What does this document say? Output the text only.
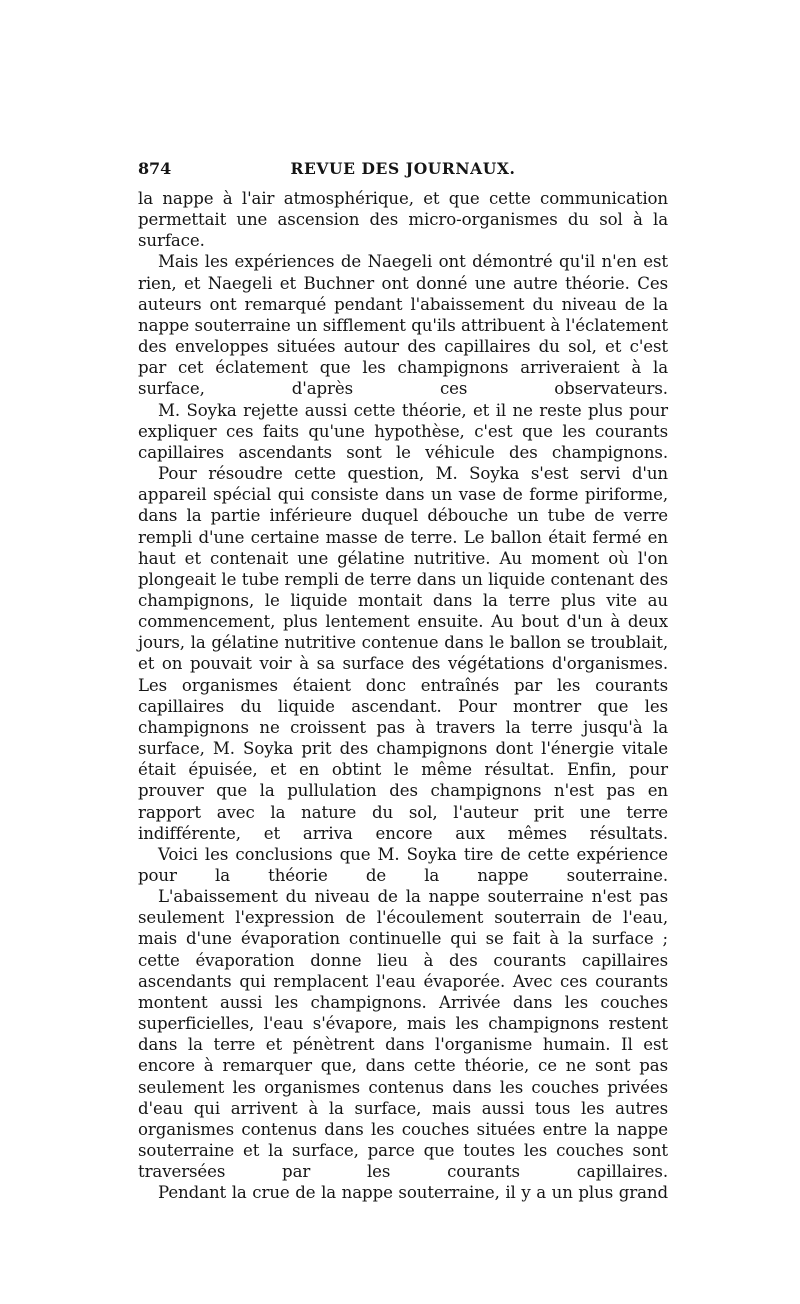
874	REVUE DES JOURNAUX.

la nappe à l'air atmosphérique, et que cette communication permettait une ascension des micro-organismes du sol à la surface.

Mais les expériences de Naegeli ont démontré qu'il n'en est rien, et Naegeli et Buchner ont donné une autre théorie. Ces auteurs ont remarqué pendant l'abaissement du niveau de la nappe souterraine un sifflement qu'ils attribuent à l'éclatement des enveloppes situées autour des capillaires du sol, et c'est par cet éclatement que les champignons arriveraient à la surface, d'après ces observateurs.

M. Soyka rejette aussi cette théorie, et il ne reste plus pour expliquer ces faits qu'une hypothèse, c'est que les courants capillaires ascendants sont le véhicule des champignons.

Pour résoudre cette question, M. Soyka s'est servi d'un appareil spécial qui consiste dans un vase de forme piriforme, dans la partie inférieure duquel débouche un tube de verre rempli d'une certaine masse de terre. Le ballon était fermé en haut et contenait une gélatine nutritive. Au moment où l'on plongeait le tube rempli de terre dans un liquide contenant des champignons, le liquide montait dans la terre plus vite au commencement, plus lentement ensuite. Au bout d'un à deux jours, la gélatine nutritive contenue dans le ballon se troublait, et on pouvait voir à sa surface des végétations d'organismes. Les organismes étaient donc entraînés par les courants capillaires du liquide ascendant. Pour montrer que les champignons ne croissent pas à travers la terre jusqu'à la surface, M. Soyka prit des champignons dont l'énergie vitale était épuisée, et en obtint le même résultat. Enfin, pour prouver que la pullulation des champignons n'est pas en rapport avec la nature du sol, l'auteur prit une terre indifférente, et arriva encore aux mêmes résultats.

Voici les conclusions que M. Soyka tire de cette expérience pour la théorie de la nappe souterraine.

L'abaissement du niveau de la nappe souterraine n'est pas seulement l'expression de l'écoulement souterrain de l'eau, mais d'une évaporation continuelle qui se fait à la surface ; cette évaporation donne lieu à des courants capillaires ascendants qui remplacent l'eau évaporée. Avec ces courants montent aussi les champignons. Arrivée dans les couches superficielles, l'eau s'évapore, mais les champignons restent dans la terre et pénètrent dans l'organisme humain. Il est encore à remarquer que, dans cette théorie, ce ne sont pas seulement les organismes contenus dans les couches privées d'eau qui arrivent à la surface, mais aussi tous les autres organismes contenus dans les couches situées entre la nappe souterraine et la surface, parce que toutes les couches sont traversées par les courants capillaires.

Pendant la crue de la nappe souterraine, il y a un plus grand
